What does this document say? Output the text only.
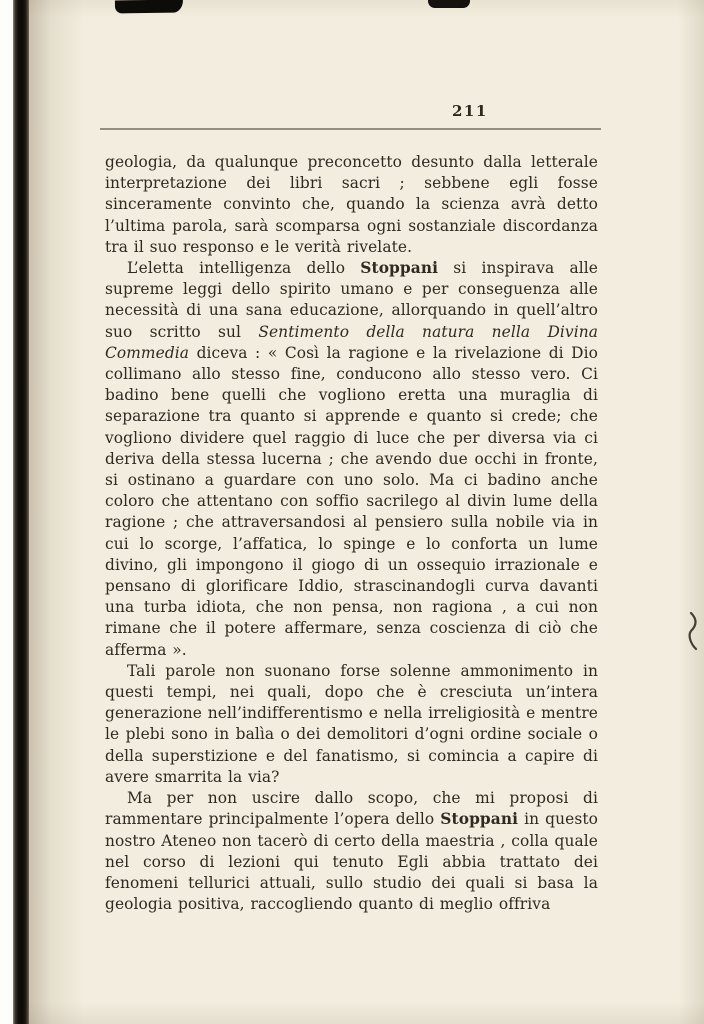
211

geologia, da qualunque preconcetto desunto dalla letterale interpretazione dei libri sacri ; sebbene egli fosse sinceramente convinto che, quando la scienza avrà detto l’ultima parola, sarà scomparsa ogni sostanziale discordanza tra il suo responso e le verità rivelate.

L’eletta intelligenza dello Stoppani si inspirava alle supreme leggi dello spirito umano e per conseguenza alle necessità di una sana educazione, allorquando in quell’altro suo scritto sul Sentimento della natura nella Divina Commedia diceva : « Così la ragione e la rivelazione di Dio collimano allo stesso fine, conducono allo stesso vero. Ci badino bene quelli che vogliono eretta una muraglia di separazione tra quanto si apprende e quanto si crede; che vogliono dividere quel raggio di luce che per diversa via ci deriva della stessa lucerna ; che avendo due occhi in fronte, si ostinano a guardare con uno solo. Ma ci badino anche coloro che attentano con soffio sacrilego al divin lume della ragione ; che attraversandosi al pensiero sulla nobile via in cui lo scorge, l’affatica, lo spinge e lo conforta un lume divino, gli impongono il giogo di un ossequio irrazionale e pensano di glorificare Iddio, strascinandogli curva davanti una turba idiota, che non pensa, non ragiona , a cui non rimane che il potere affermare, senza coscienza di ciò che afferma ».

Tali parole non suonano forse solenne ammonimento in questi tempi, nei quali, dopo che è cresciuta un’intera generazione nell’indifferentismo e nella irreligiosità e mentre le plebi sono in balìa o dei demolitori d’ogni ordine sociale o della superstizione e del fanatismo, si comincia a capire di avere smarrita la via?

Ma per non uscire dallo scopo, che mi proposi di rammentare principalmente l’opera dello Stoppani in questo nostro Ateneo non tacerò di certo della maestria , colla quale nel corso di lezioni qui tenuto Egli abbia trattato dei fenomeni tellurici attuali, sullo studio dei quali si basa la geologia positiva, raccogliendo quanto di meglio offriva
